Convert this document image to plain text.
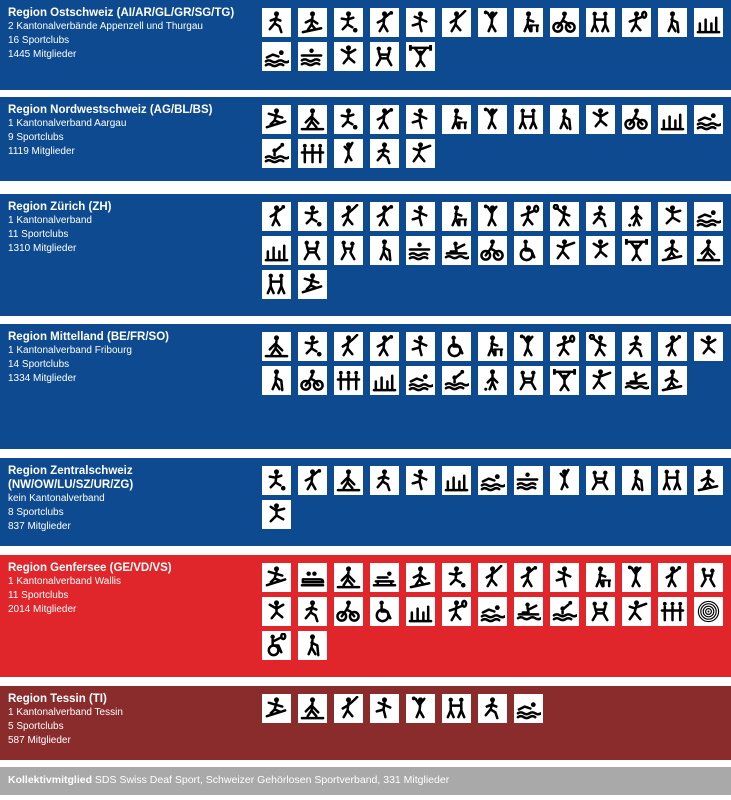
Region Ostschweiz (AI/AR/GL/GR/SG/TG)
2 Kantonalverbände Appenzell und Thurgau
16 Sportclubs
1445 Mitglieder
Region Nordwestschweiz (AG/BL/BS)
1 Kantonalverband Aargau
9 Sportclubs
1119 Mitglieder
Region Zürich (ZH)
1 Kantonalverband
11 Sportclubs
1310 Mitglieder
Region Mittelland (BE/FR/SO)
1 Kantonalverband Fribourg
14 Sportclubs
1334 Mitglieder
Region Zentralschweiz (NW/OW/LU/SZ/UR/ZG)
kein Kantonalverband
8 Sportclubs
837 Mitglieder
Region Genfersee (GE/VD/VS)
1 Kantonalverband Wallis
11 Sportclubs
2014 Mitglieder
Region Tessin (TI)
1 Kantonalverband Tessin
5 Sportclubs
587 Mitglieder
Kollektivmitglied SDS Swiss Deaf Sport, Schweizer Gehörlosen Sportverband, 331 Mitglieder
